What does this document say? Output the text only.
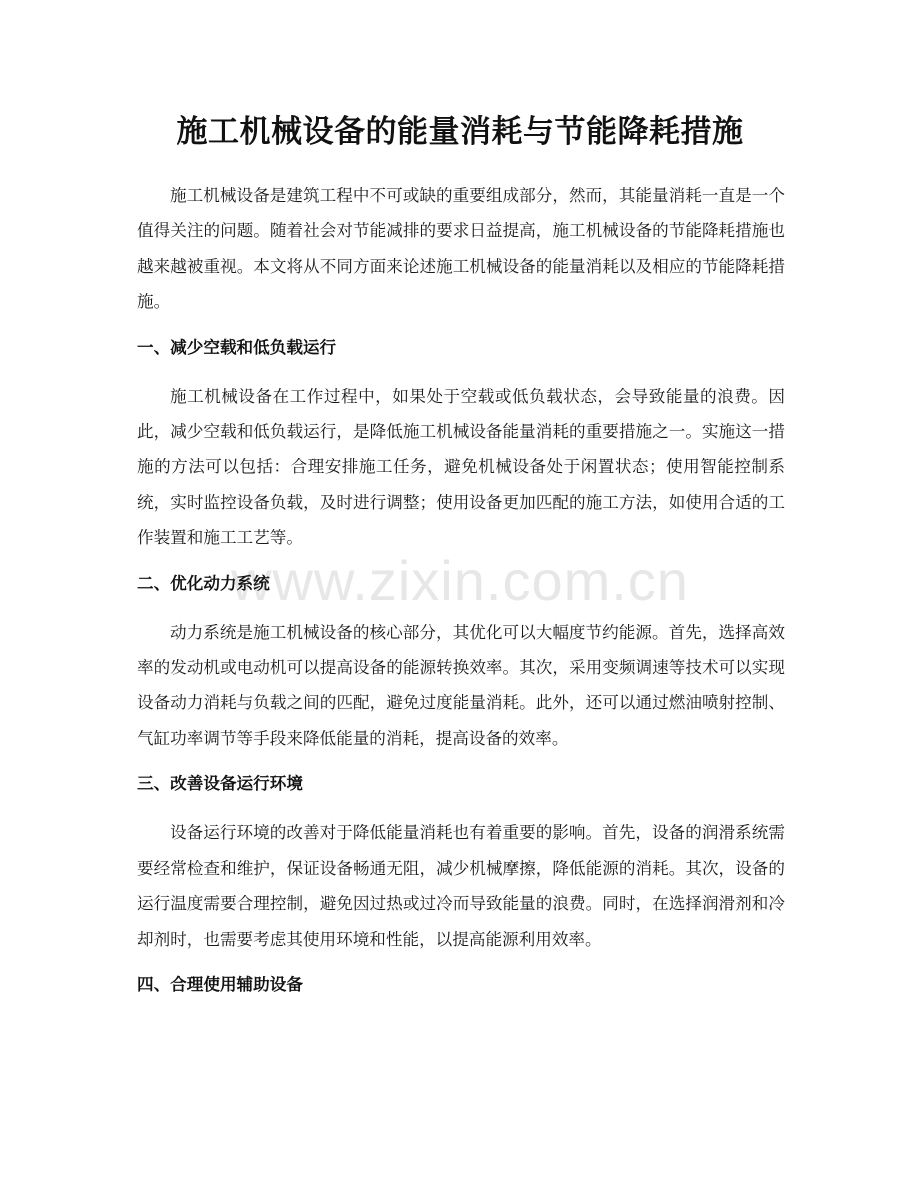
施工机械设备的能量消耗与节能降耗措施

施工机械设备是建筑工程中不可或缺的重要组成部分，然而，其能量消耗一直是一个值得关注的问题。随着社会对节能减排的要求日益提高，施工机械设备的节能降耗措施也越来越被重视。本文将从不同方面来论述施工机械设备的能量消耗以及相应的节能降耗措施。

一、减少空载和低负载运行

施工机械设备在工作过程中，如果处于空载或低负载状态，会导致能量的浪费。因此，减少空载和低负载运行，是降低施工机械设备能量消耗的重要措施之一。实施这一措施的方法可以包括：合理安排施工任务，避免机械设备处于闲置状态；使用智能控制系统，实时监控设备负载，及时进行调整；使用设备更加匹配的施工方法，如使用合适的工作装置和施工工艺等。

二、优化动力系统

动力系统是施工机械设备的核心部分，其优化可以大幅度节约能源。首先，选择高效率的发动机或电动机可以提高设备的能源转换效率。其次，采用变频调速等技术可以实现设备动力消耗与负载之间的匹配，避免过度能量消耗。此外，还可以通过燃油喷射控制、气缸功率调节等手段来降低能量的消耗，提高设备的效率。

三、改善设备运行环境

设备运行环境的改善对于降低能量消耗也有着重要的影响。首先，设备的润滑系统需要经常检查和维护，保证设备畅通无阻，减少机械摩擦，降低能源的消耗。其次，设备的运行温度需要合理控制，避免因过热或过冷而导致能量的浪费。同时，在选择润滑剂和冷却剂时，也需要考虑其使用环境和性能，以提高能源利用效率。

四、合理使用辅助设备

www.zixin.com.cn
